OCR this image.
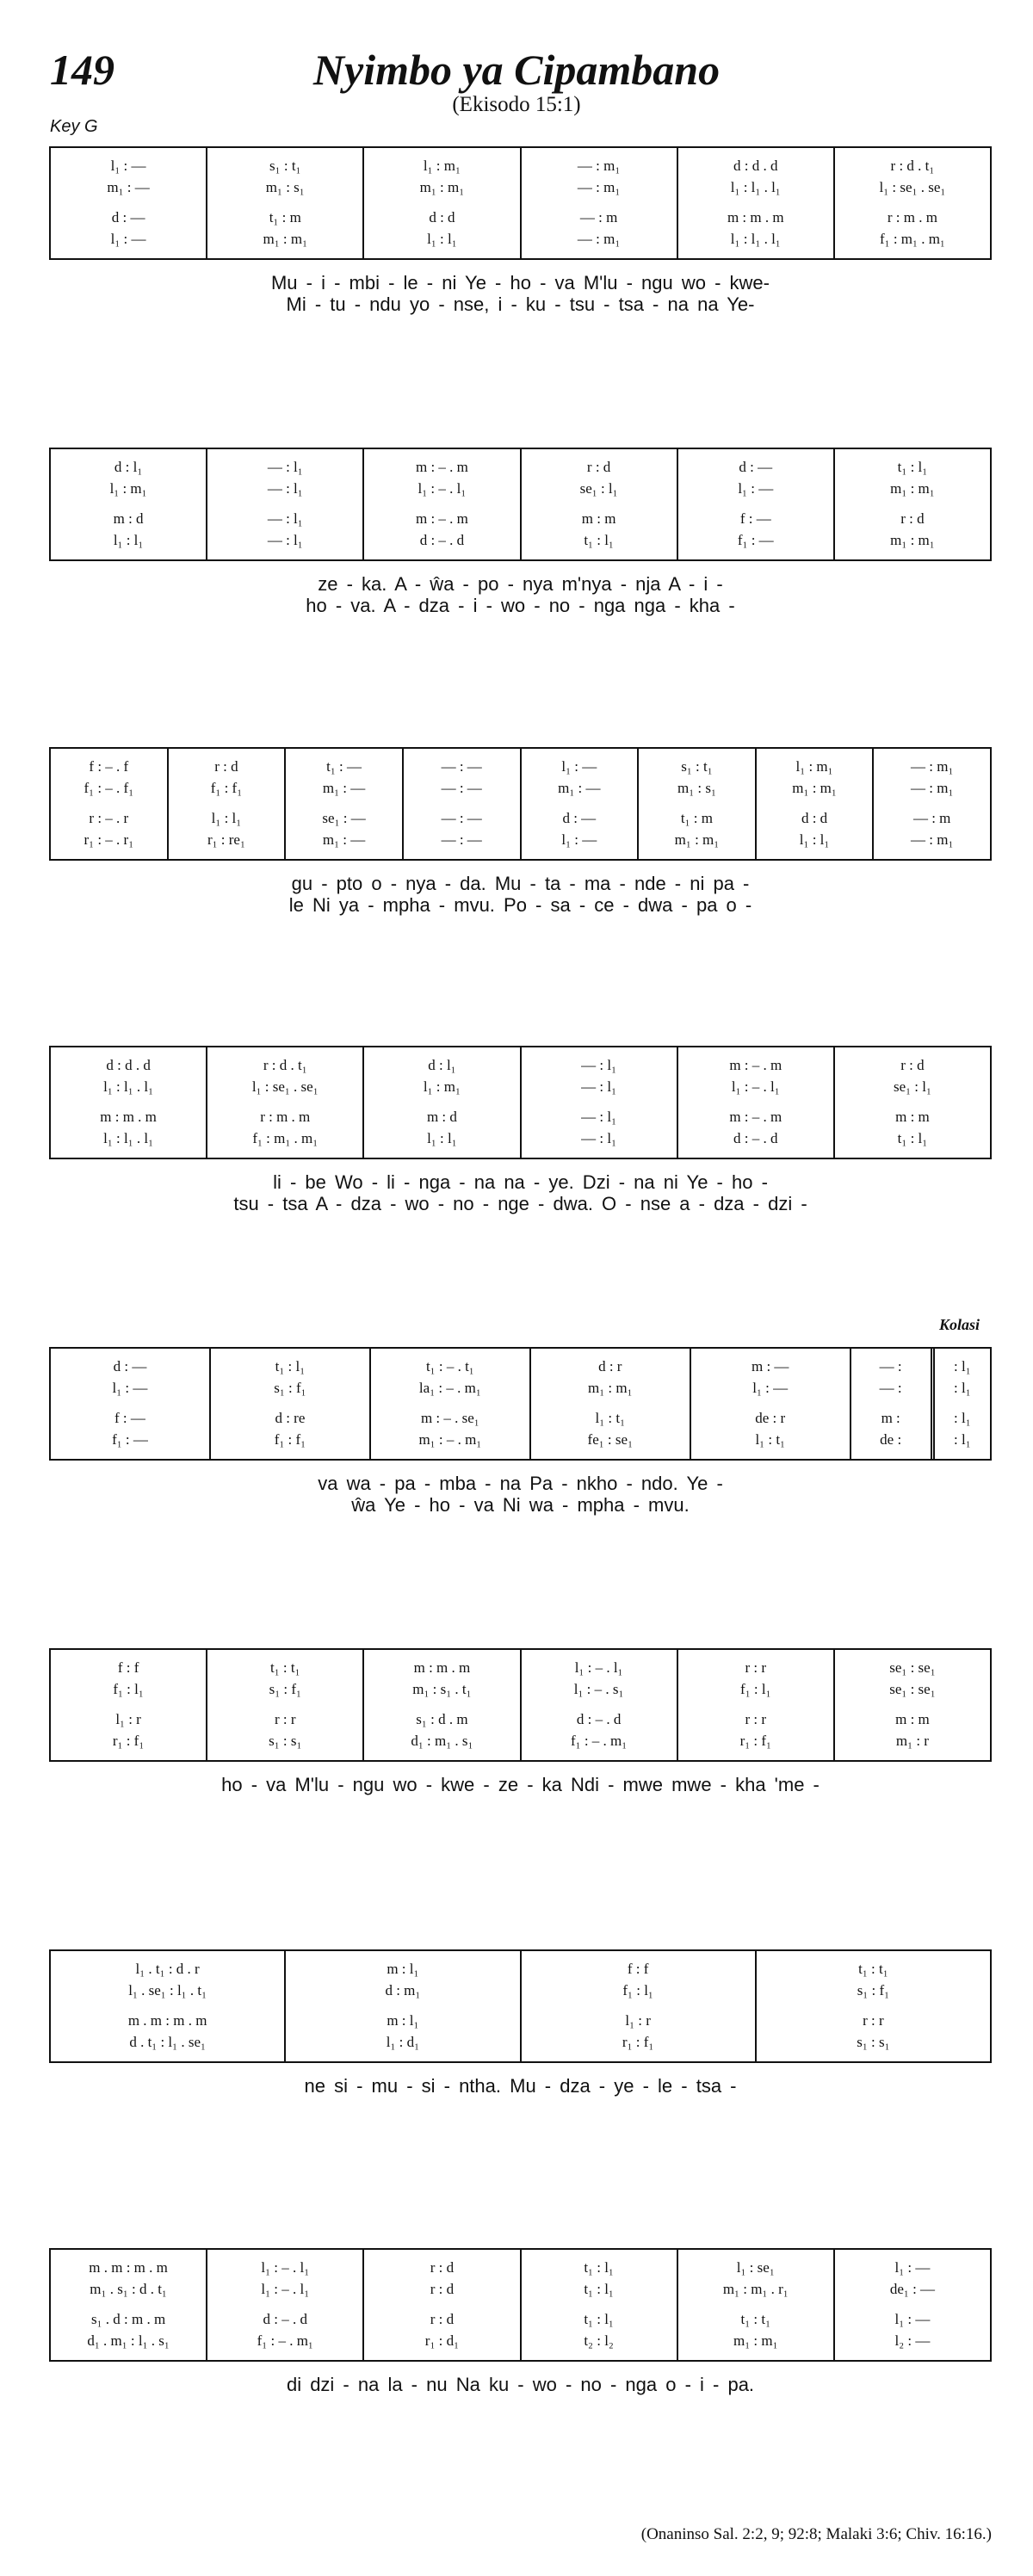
149	Nyimbo ya Cipambano
(Ekisodo 15:1)
Key G
l₁ : —
m₁ : —
d : —
l₁ : —
s₁ : t₁
m₁ : s₁
t₁ : m
m₁ : m₁
l₁ : m₁
m₁ : m₁
d : d
l₁ : l₁
— : m₁
— : m₁
— : m
— : m₁
d : d . d
l₁ : l₁ . l₁
m : m . m
l₁ : l₁ . l₁
r : d . t₁
l₁ : se₁ . se₁
r : m . m
f₁ : m₁ . m₁
Mu - i - mbi - le - ni Ye - ho - va M'lu - ngu wo - kwe-
Mi - tu - ndu yo - nse, i - ku - tsu - tsa - na na Ye-
d : l₁
l₁ : m₁
m : d
l₁ : l₁
— : l₁
— : l₁
— : l₁
— : l₁
m : – . m
l₁ : – . l₁
m : – . m
d : – . d
r : d
se₁ : l₁
m : m
t₁ : l₁
d : —
l₁ : —
f : —
f₁ : —
t₁ : l₁
m₁ : m₁
r : d
m₁ : m₁
ze - ka. A - ŵa - po - nya m'nya - nja A - i -
ho - va. A - dza - i - wo - no - nga nga - kha -
f : – . f
f₁ : – . f₁
r : – . r
r₁ : – . r₁
r : d
f₁ : f₁
l₁ : l₁
r₁ : re₁
t₁ : —
m₁ : —
se₁ : —
m₁ : —
— : —
— : —
— : —
— : —
l₁ : —
m₁ : —
d : —
l₁ : —
s₁ : t₁
m₁ : s₁
t₁ : m
m₁ : m₁
l₁ : m₁
m₁ : m₁
d : d
l₁ : l₁
— : m₁
— : m₁
— : m
— : m₁
gu - pto o - nya - da. Mu - ta - ma - nde - ni pa -
le Ni ya - mpha - mvu. Po - sa - ce - dwa - pa o -
d : d . d
l₁ : l₁ . l₁
m : m . m
l₁ : l₁ . l₁
r : d . t₁
l₁ : se₁ . se₁
r : m . m
f₁ : m₁ . m₁
d : l₁
l₁ : m₁
m : d
l₁ : l₁
— : l₁
— : l₁
— : l₁
— : l₁
m : – . m
l₁ : – . l₁
m : – . m
d : – . d
r : d
se₁ : l₁
m : m
t₁ : l₁
li - be Wo - li - nga - na na - ye. Dzi - na ni Ye - ho -
tsu - tsa A - dza - wo - no - nge - dwa. O - nse a - dza - dzi -
Kolasi
d : —
l₁ : —
f : —
f₁ : —
t₁ : l₁
s₁ : f₁
d : re
f₁ : f₁
t₁ : – . t₁
la₁ : – . m₁
m : – . se₁
m₁ : – . m₁
d : r
m₁ : m₁
l₁ : t₁
fe₁ : se₁
m : —
l₁ : —
de : r
l₁ : t₁
— :
— :
m :
de :
: l₁
: l₁
: l₁
: l₁
va wa - pa - mba - na Pa - nkho - ndo. Ye -
ŵa Ye - ho - va Ni wa - mpha - mvu.
f : f
f₁ : l₁
l₁ : r
r₁ : f₁
t₁ : t₁
s₁ : f₁
r : r
s₁ : s₁
m : m . m
m₁ : s₁ . t₁
s₁ : d . m
d₁ : m₁ . s₁
l₁ : – . l₁
l₁ : – . s₁
d : – . d
f₁ : – . m₁
r : r
f₁ : l₁
r : r
r₁ : f₁
se₁ : se₁
se₁ : se₁
m : m
m₁ : r
ho - va M'lu - ngu wo - kwe - ze - ka Ndi - mwe mwe - kha 'me -
l₁ . t₁ : d . r
l₁ . se₁ : l₁ . t₁
m . m : m . m
d . t₁ : l₁ . se₁
m : l₁
d : m₁
m : l₁
l₁ : d₁
f : f
f₁ : l₁
l₁ : r
r₁ : f₁
t₁ : t₁
s₁ : f₁
r : r
s₁ : s₁
ne si - mu - si - ntha. Mu - dza - ye - le - tsa -
m . m : m . m
m₁ . s₁ : d . t₁
s₁ . d : m . m
d₁ . m₁ : l₁ . s₁
l₁ : – . l₁
l₁ : – . l₁
d : – . d
f₁ : – . m₁
r : d
r : d
r : d
r₁ : d₁
t₁ : l₁
t₁ : l₁
t₁ : l₁
t₂ : l₂
l₁ : se₁
m₁ : m₁ . r₁
t₁ : t₁
m₁ : m₁
l₁ : —
de₁ : —
l₁ : —
l₂ : —
di dzi - na la - nu Na ku - wo - no - nga o - i - pa.
(Onaninso Sal. 2:2, 9; 92:8; Malaki 3:6; Chiv. 16:16.)
